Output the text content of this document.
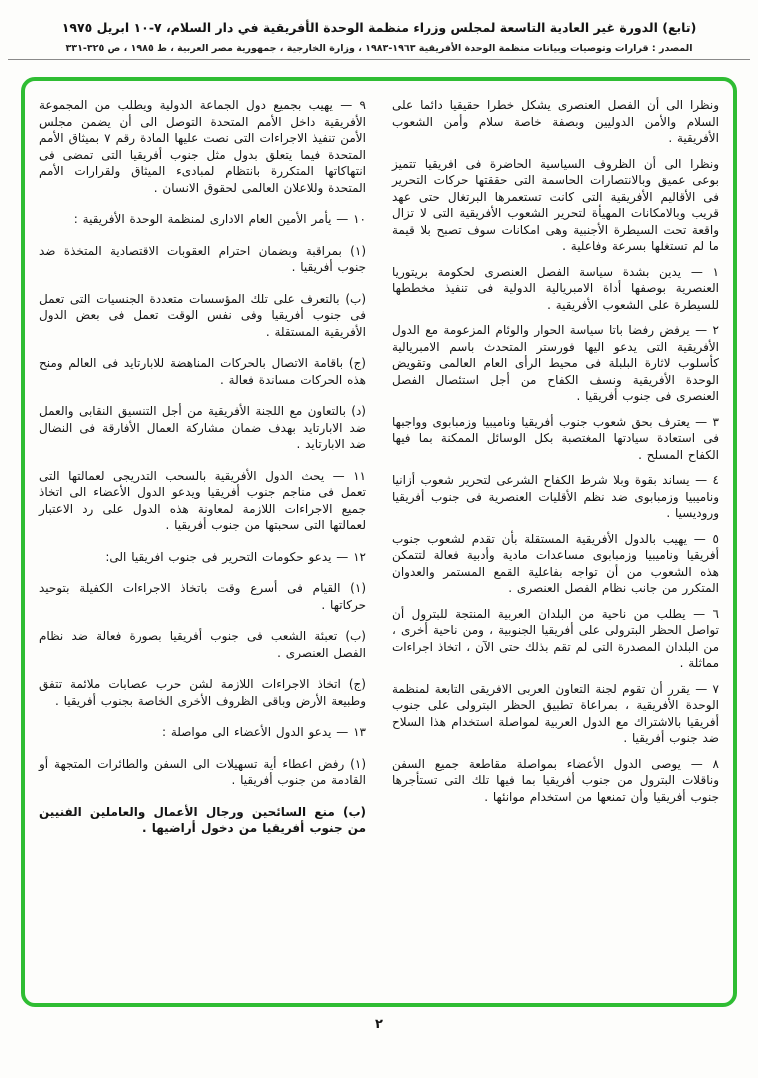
(تابع) الدورة غير العادية التاسعة لمجلس وزراء منظمة الوحدة الأفريقية في دار السلام، ٧-١٠ ابريل ١٩٧٥
المصدر : قرارات وتوصيات وبيانات منظمة الوحدة الأفريقية ١٩٦٣-١٩٨٣ ، وزارة الخارجية ، جمهورية مصر العربية ، ط ١٩٨٥ ، ص ٣٢٥-٣٣١

ونظرا الى أن الفصل العنصرى يشكل خطرا حقيقيا دائما على السلام والأمن الدوليين وبصفة خاصة سلام وأمن الشعوب الأفريقية .

ونظرا الى أن الظروف السياسية الحاضرة فى افريقيا تتميز بوعى عميق وبالانتصارات الحاسمة التى حققتها حركات التحرير فى الأقاليم الأفريقية التى كانت تستعمرها البرتغال حتى عهد قريب وبالامكانات المهيأة لتحرير الشعوب الأفريقية التى لا تزال واقعة تحت السيطرة الأجنبية وهى امكانات سوف تصبح بلا قيمة ما لم تستغلها بسرعة وفاعلية .

١ — يدين بشدة سياسة الفصل العنصرى لحكومة بريتوريا العنصرية بوصفها أداة الامبريالية الدولية فى تنفيذ مخططها للسيطرة على الشعوب الأفريقية .

٢ — يرفض رفضا باتا سياسة الحوار والوئام المزعومة مع الدول الأفريقية التى يدعو اليها فورستر المتحدث باسم الامبريالية كأسلوب لاثارة البلبلة فى محيط الرأى العام العالمى وتقويض الوحدة الأفريقية ونسف الكفاح من أجل استئصال الفصل العنصرى فى جنوب أفريقيا .

٣ — يعترف بحق شعوب جنوب أفريقيا وناميبيا وزمبابوى وواجبها فى استعادة سيادتها المغتصبة بكل الوسائل الممكنة بما فيها الكفاح المسلح .

٤ — يساند بقوة وبلا شرط الكفاح الشرعى لتحرير شعوب أزانيا وناميبيا وزمبابوى ضد نظم الأقليات العنصرية فى جنوب أفريقيا وروديسيا .

٥ — يهيب بالدول الأفريقية المستقلة بأن تقدم لشعوب جنوب أفريقيا وناميبيا وزمبابوى مساعدات مادية وأدبية فعالة لتتمكن هذه الشعوب من أن تواجه بفاعلية القمع المستمر والعدوان المتكرر من جانب نظام الفصل العنصرى .

٦ — يطلب من ناحية من البلدان العربية المنتجة للبترول أن تواصل الحظر البترولى على أفريقيا الجنوبية ، ومن ناحية أخرى ، من البلدان المصدرة التى لم تقم بذلك حتى الآن ، اتخاذ اجراءات مماثلة .

٧ — يقرر أن تقوم لجنة التعاون العربى الافريقى التابعة لمنظمة الوحدة الأفريقية ، بمراعاة تطبيق الحظر البترولى على جنوب أفريقيا بالاشتراك مع الدول العربية لمواصلة استخدام هذا السلاح ضد جنوب أفريقيا .

٨ — يوصى الدول الأعضاء بمواصلة مقاطعة جميع السفن وناقلات البترول من جنوب أفريقيا بما فيها تلك التى تستأجرها جنوب أفريقيا وأن تمنعها من استخدام موانئها .

٩ — يهيب بجميع دول الجماعة الدولية ويطلب من المجموعة الأفريقية داخل الأمم المتحدة التوصل الى أن يضمن مجلس الأمن تنفيذ الاجراءات التى نصت عليها المادة رقم ٧ بميثاق الأمم المتحدة فيما يتعلق بدول مثل جنوب أفريقيا التى تمضى فى انتهاكاتها المتكررة بانتظام لمبادىء الميثاق ولقرارات الأمم المتحدة وللاعلان العالمى لحقوق الانسان .

١٠ — يأمر الأمين العام الادارى لمنظمة الوحدة الأفريقية :

(١) بمراقبة وبضمان احترام العقوبات الاقتصادية المتخذة ضد جنوب أفريقيا .

(ب) بالتعرف على تلك المؤسسات متعددة الجنسيات التى تعمل فى جنوب أفريقيا وفى نفس الوقت تعمل فى بعض الدول الأفريقية المستقلة .

(ج) باقامة الاتصال بالحركات المناهضة للابارتايد فى العالم ومنح هذه الحركات مساندة فعالة .

(د) بالتعاون مع اللجنة الأفريقية من أجل التنسيق النقابى والعمل ضد الابارتايد بهدف ضمان مشاركة العمال الأفارقة فى النضال ضد الابارتايد .

١١ — يحث الدول الأفريقية بالسحب التدريجى لعمالتها التى تعمل فى مناجم جنوب أفريقيا ويدعو الدول الأعضاء الى اتخاذ جميع الاجراءات اللازمة لمعاونة هذه الدول على رد الاعتبار لعمالتها التى سحبتها من جنوب أفريقيا .

١٢ — يدعو حكومات التحرير فى جنوب افريقيا الى:

(١) القيام فى أسرع وقت باتخاذ الاجراءات الكفيلة بتوحيد حركاتها .

(ب) تعبئة الشعب فى جنوب أفريقيا بصورة فعالة ضد نظام الفصل العنصرى .

(ج) اتخاذ الاجراءات اللازمة لشن حرب عصابات ملائمة تتفق وطبيعة الأرض وباقى الظروف الأخرى الخاصة بجنوب أفريقيا .

١٣ — يدعو الدول الأعضاء الى مواصلة :

(١) رفض اعطاء أية تسهيلات الى السفن والطائرات المتجهة أو القادمة من جنوب أفريقيا .

(ب) منع السائحين ورجال الأعمال والعاملين الفنيين من جنوب أفريقيا من دخول أراضيها .

٢
